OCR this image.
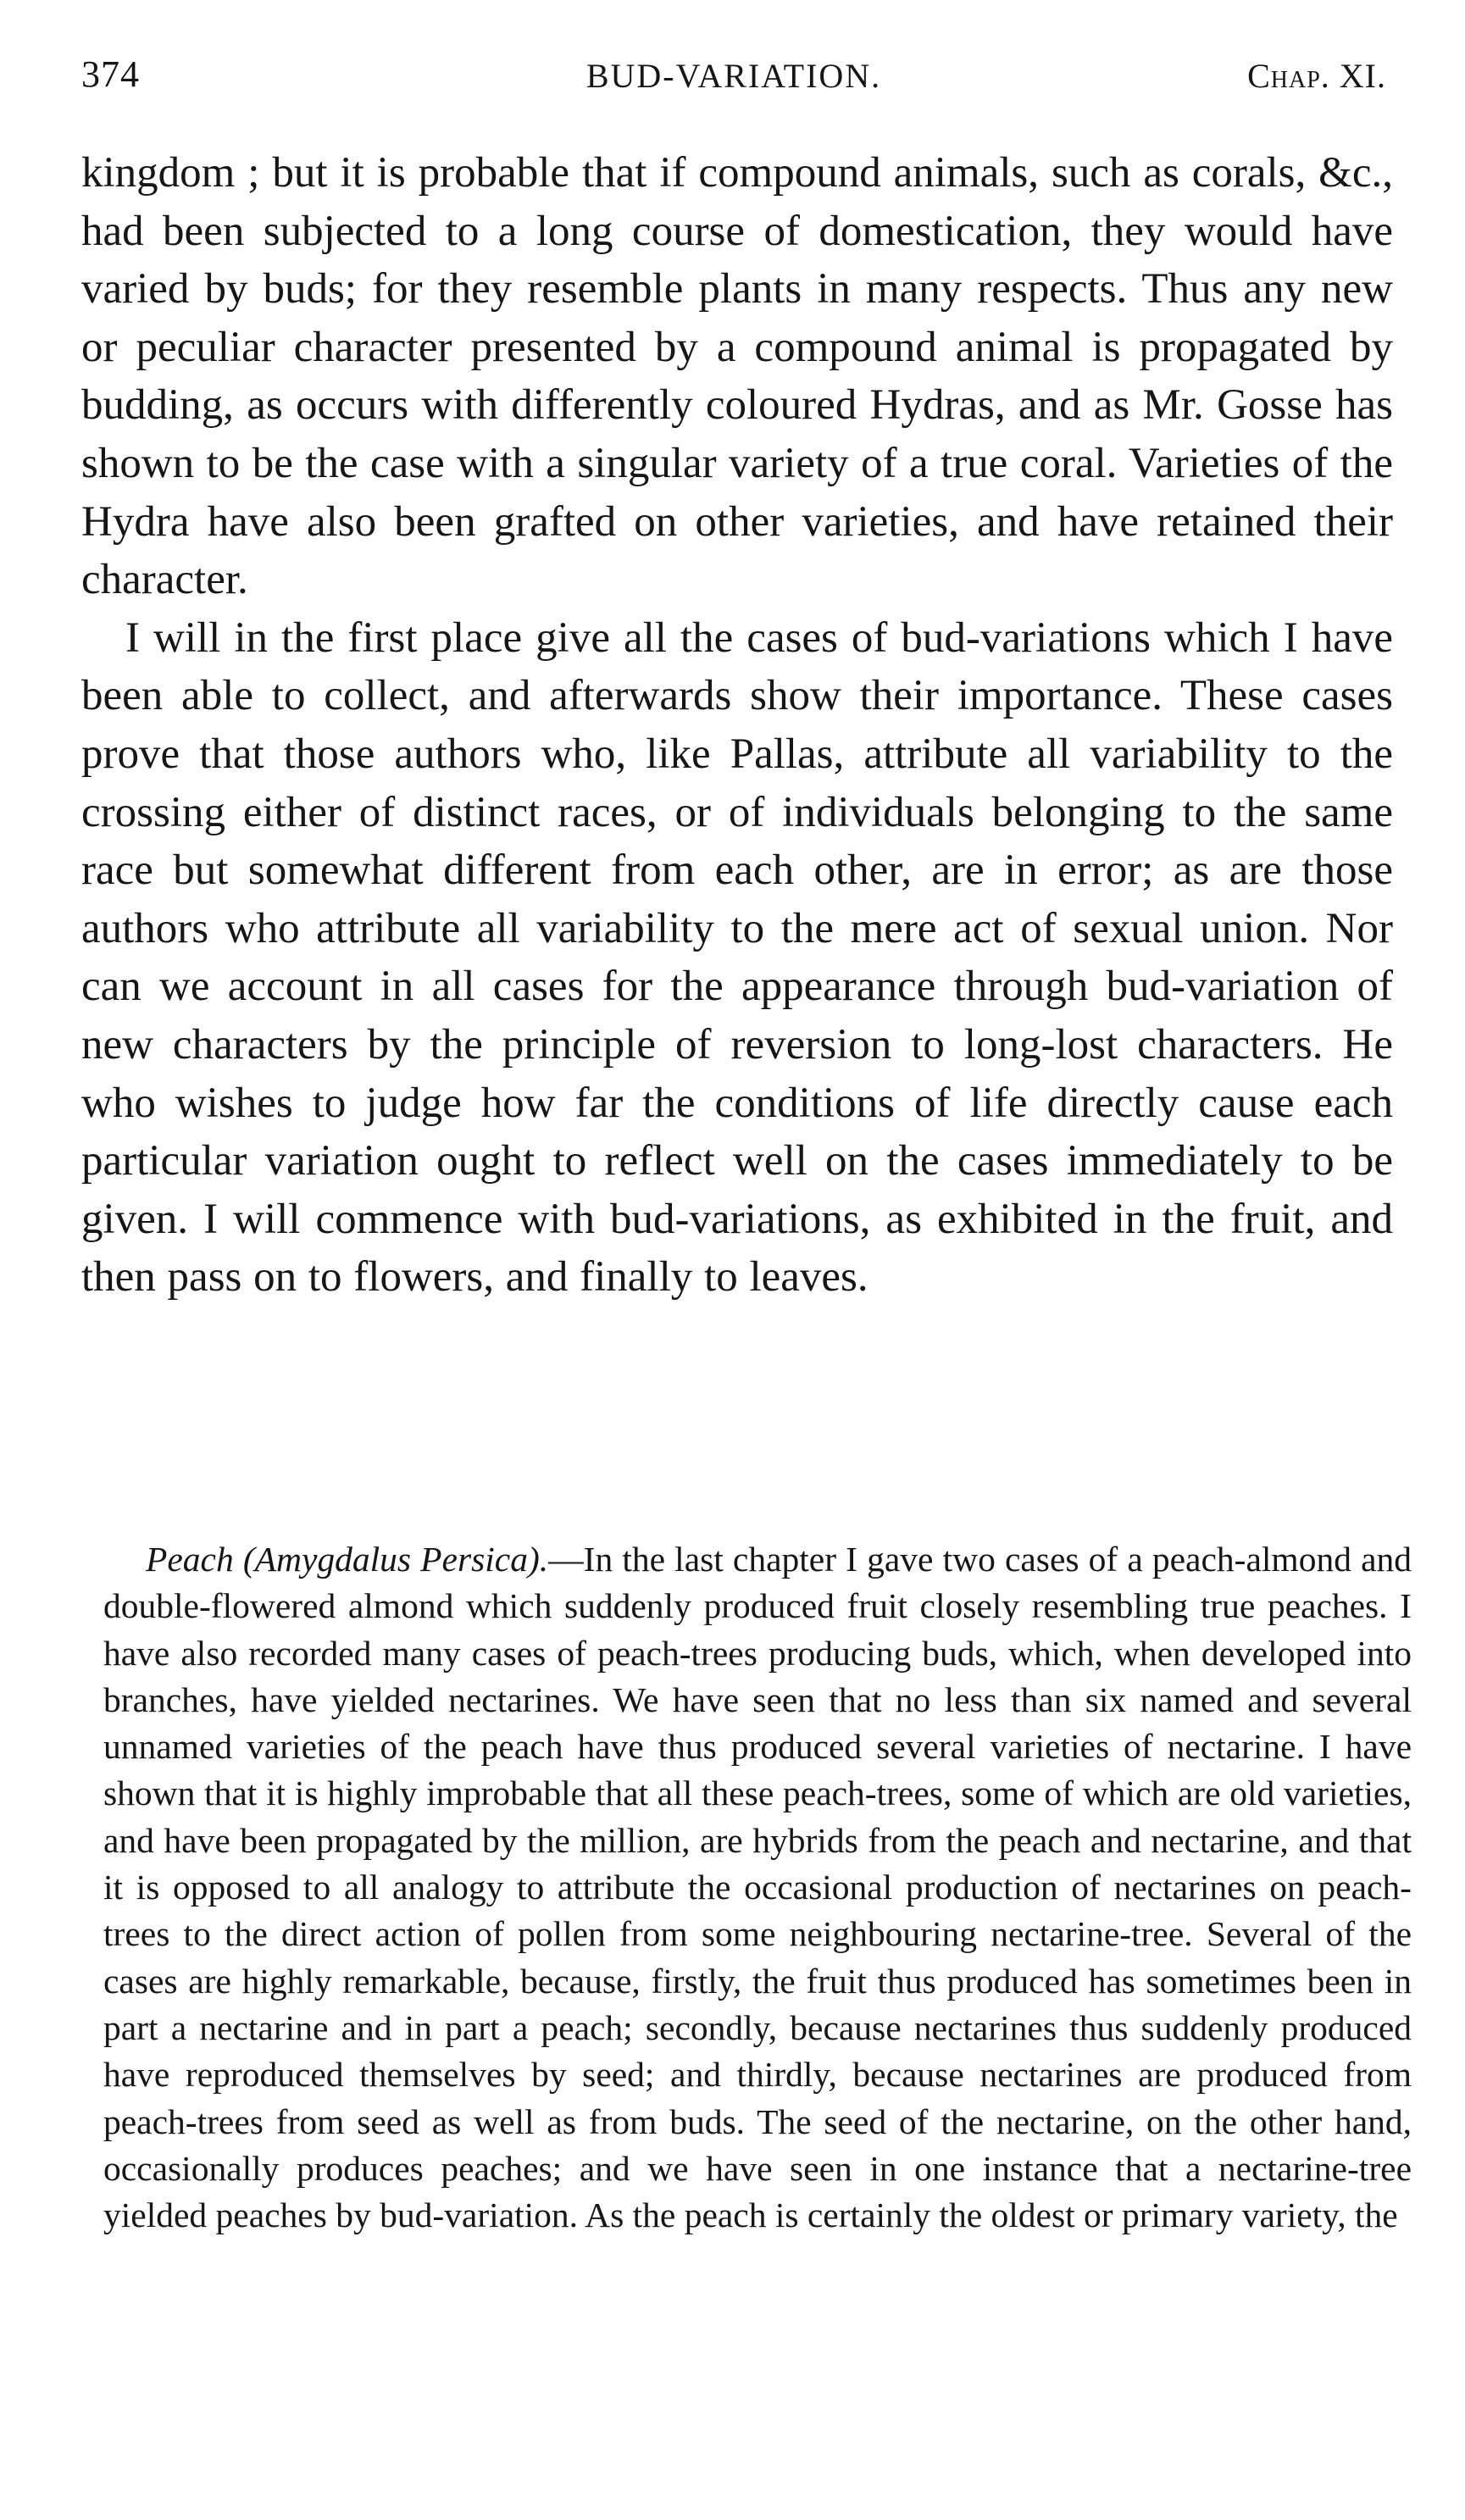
374	BUD-VARIATION.	Chap. XI.

kingdom ; but it is probable that if compound animals, such as corals, &c., had been subjected to a long course of domestication, they would have varied by buds; for they resemble plants in many respects. Thus any new or peculiar character presented by a compound animal is propagated by budding, as occurs with differently coloured Hydras, and as Mr. Gosse has shown to be the case with a singular variety of a true coral. Varieties of the Hydra have also been grafted on other varieties, and have retained their character.

I will in the first place give all the cases of bud-variations which I have been able to collect, and afterwards show their importance. These cases prove that those authors who, like Pallas, attribute all variability to the crossing either of distinct races, or of individuals belonging to the same race but somewhat different from each other, are in error; as are those authors who attribute all variability to the mere act of sexual union. Nor can we account in all cases for the appearance through bud-variation of new characters by the principle of reversion to long-lost characters. He who wishes to judge how far the conditions of life directly cause each particular variation ought to reflect well on the cases immediately to be given. I will commence with bud-variations, as exhibited in the fruit, and then pass on to flowers, and finally to leaves.

Peach (Amygdalus Persica).—In the last chapter I gave two cases of a peach-almond and double-flowered almond which suddenly produced fruit closely resembling true peaches. I have also recorded many cases of peach-trees producing buds, which, when developed into branches, have yielded nectarines. We have seen that no less than six named and several unnamed varieties of the peach have thus produced several varieties of nectarine. I have shown that it is highly improbable that all these peach-trees, some of which are old varieties, and have been propagated by the million, are hybrids from the peach and nectarine, and that it is opposed to all analogy to attribute the occasional production of nectarines on peach-trees to the direct action of pollen from some neighbouring nectarine-tree. Several of the cases are highly remarkable, because, firstly, the fruit thus produced has sometimes been in part a nectarine and in part a peach; secondly, because nectarines thus suddenly produced have reproduced themselves by seed; and thirdly, because nectarines are produced from peach-trees from seed as well as from buds. The seed of the nectarine, on the other hand, occasionally produces peaches; and we have seen in one instance that a nectarine-tree yielded peaches by bud-variation. As the peach is certainly the oldest or primary variety, the
